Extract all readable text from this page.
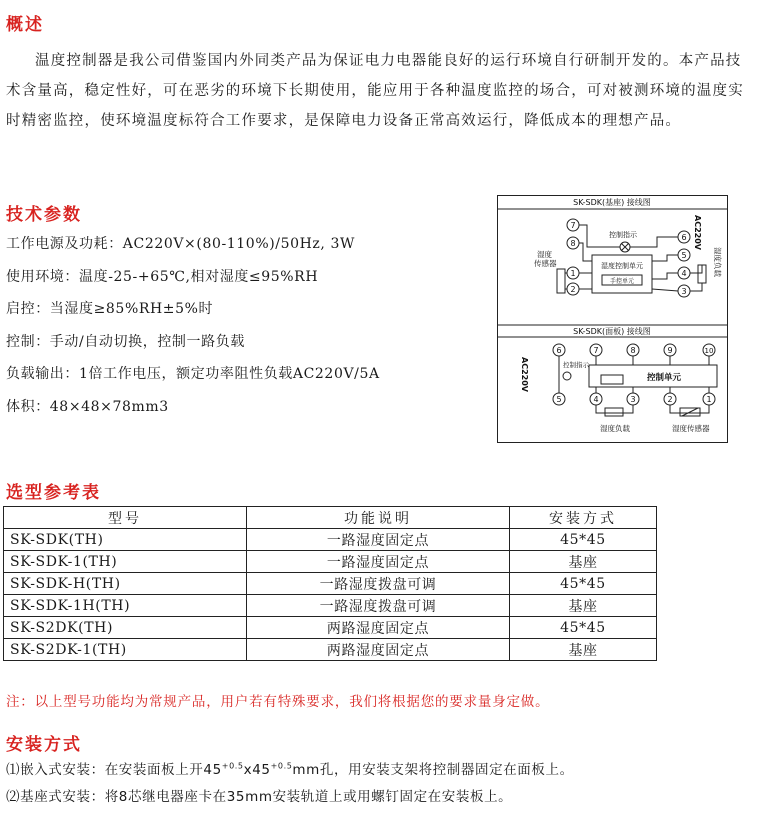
概述

温度控制器是我公司借鉴国内外同类产品为保证电力电器能良好的运行环境自行研制开发的。本产品技术含量高，稳定性好，可在恶劣的环境下长期使用，能应用于各种温度监控的场合，可对被测环境的温度实时精密监控，使环境温度标符合工作要求，是保障电力设备正常高效运行，降低成本的理想产品。

技术参数

工作电源及功耗：AC220V×(80-110%)/50Hz, 3W

使用环境：温度-25-+65℃,相对湿度≤95%RH

启控：当湿度≥85%RH±5%时

控制：手动/自动切换，控制一路负载

负载输出：1倍工作电压，额定功率阻性负载AC220V/5A

体积：48×48×78mm3

SK-SDK(基座) 接线图
SK-SDK(面板) 接线图
湿度控制单元
手控单元
控制指示
7
8
1
2
6
5
4
3
湿度传感器
AC220V
湿度负载
6	7	8	9	10
5	4	3	2	1
控制指示
控制单元
AC220V
湿度负载	湿度传感器
选型参考表
型号	功能说明	安装方式
SK-SDK(TH)	一路湿度固定点	45*45
SK-SDK-1(TH)	一路湿度固定点	基座
SK-SDK-H(TH)	一路湿度拨盘可调	45*45
SK-SDK-1H(TH)	一路湿度拨盘可调	基座
SK-S2DK(TH)	两路湿度固定点	45*45
SK-S2DK-1(TH)	两路湿度固定点	基座

注：以上型号功能均为常规产品，用户若有特殊要求，我们将根据您的要求量身定做。

安装方式

⑴嵌入式安装：在安装面板上开$45^{+0.5}x45^{+0.5}mm$孔，用安装支架将控制器固定在面板上。

⑵基座式安装：将8芯继电器座卡在35mm安装轨道上或用螺钉固定在安装板上。
